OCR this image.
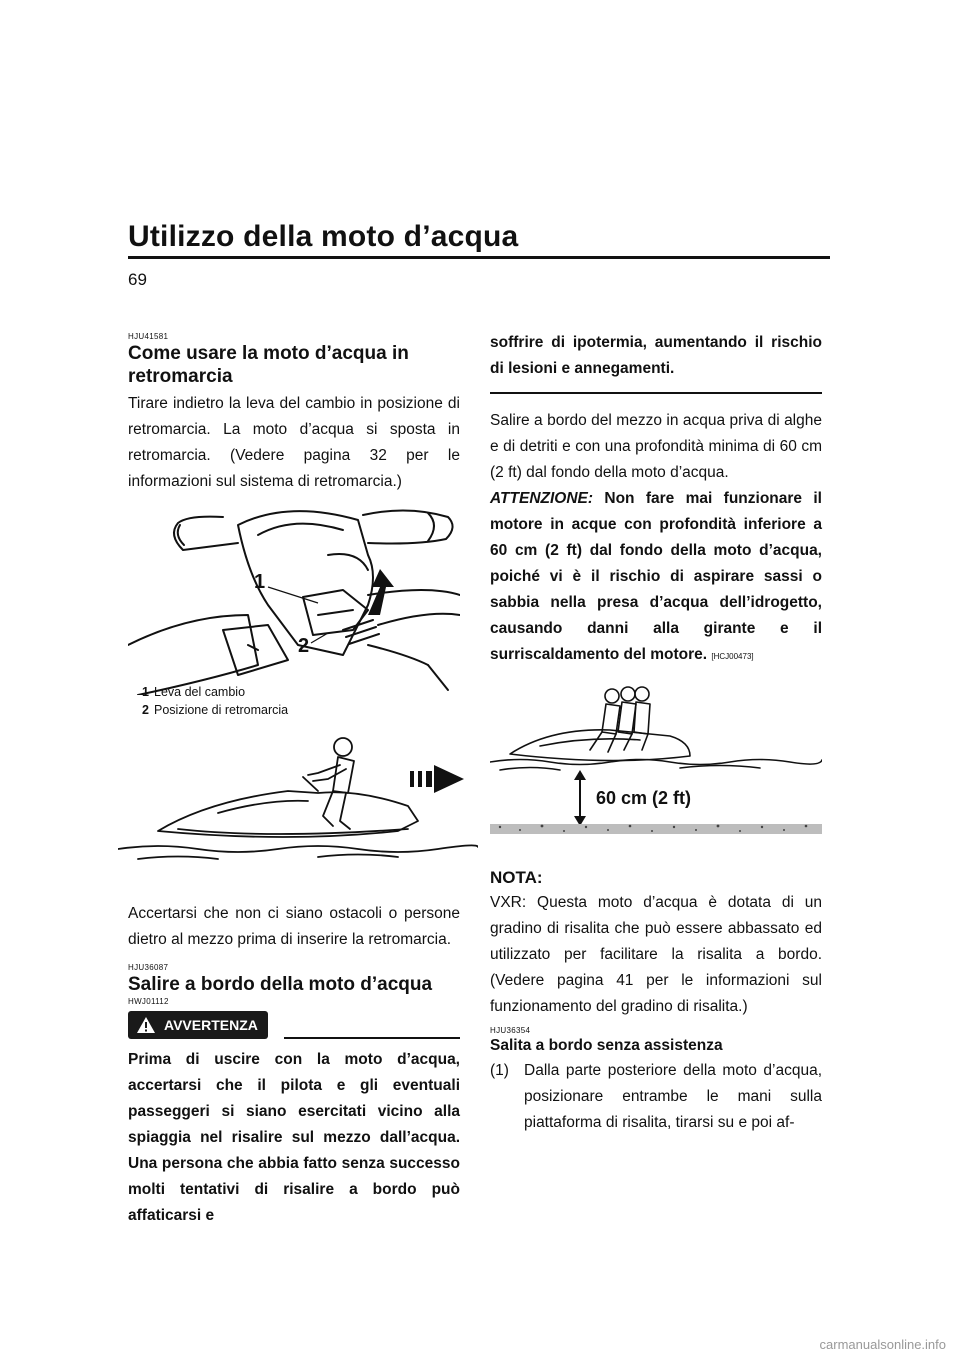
Utilizzo della moto d’acqua
69
HJU41581
Come usare la moto d’acqua in retromarcia

Tirare indietro la leva del cambio in posizione di retromarcia. La moto d’acqua si sposta in retromarcia. (Vedere pagina 32 per le informazioni sul sistema di retromarcia.)

1
2
1 Leva del cambio
2 Posizione di retromarcia

Accertarsi che non ci siano ostacoli o persone dietro al mezzo prima di inserire la retromarcia.

HJU36087
Salire a bordo della moto d’acqua
HWJ01112
AVVERTENZA

Prima di uscire con la moto d’acqua, accertarsi che il pilota e gli eventuali passeggeri si siano esercitati vicino alla spiaggia nel risalire sul mezzo dall’acqua. Una persona che abbia fatto senza successo molti tentativi di risalire a bordo può affaticarsi e

soffrire di ipotermia, aumentando il rischio di lesioni e annegamenti.

Salire a bordo del mezzo in acqua priva di alghe e di detriti e con una profondità minima di 60 cm (2 ft) dal fondo della moto d’acqua.

ATTENZIONE: Non fare mai funzionare il motore in acque con profondità inferiore a 60 cm (2 ft) dal fondo della moto d’acqua, poiché vi è il rischio di aspirare sassi o sabbia nella presa d’acqua dell’idrogetto, causando danni alla girante e il surriscaldamento del motore. [HCJ00473]

60 cm (2 ft)
NOTA:

VXR: Questa moto d’acqua è dotata di un gradino di risalita che può essere abbassato ed utilizzato per facilitare la risalita a bordo. (Vedere pagina 41 per le informazioni sul funzionamento del gradino di risalita.)

HJU36354
Salita a bordo senza assistenza
(1) Dalla parte posteriore della moto d’acqua, posizionare entrambe le mani sulla piattaforma di risalita, tirarsi su e poi af-

carmanualsonline.info
